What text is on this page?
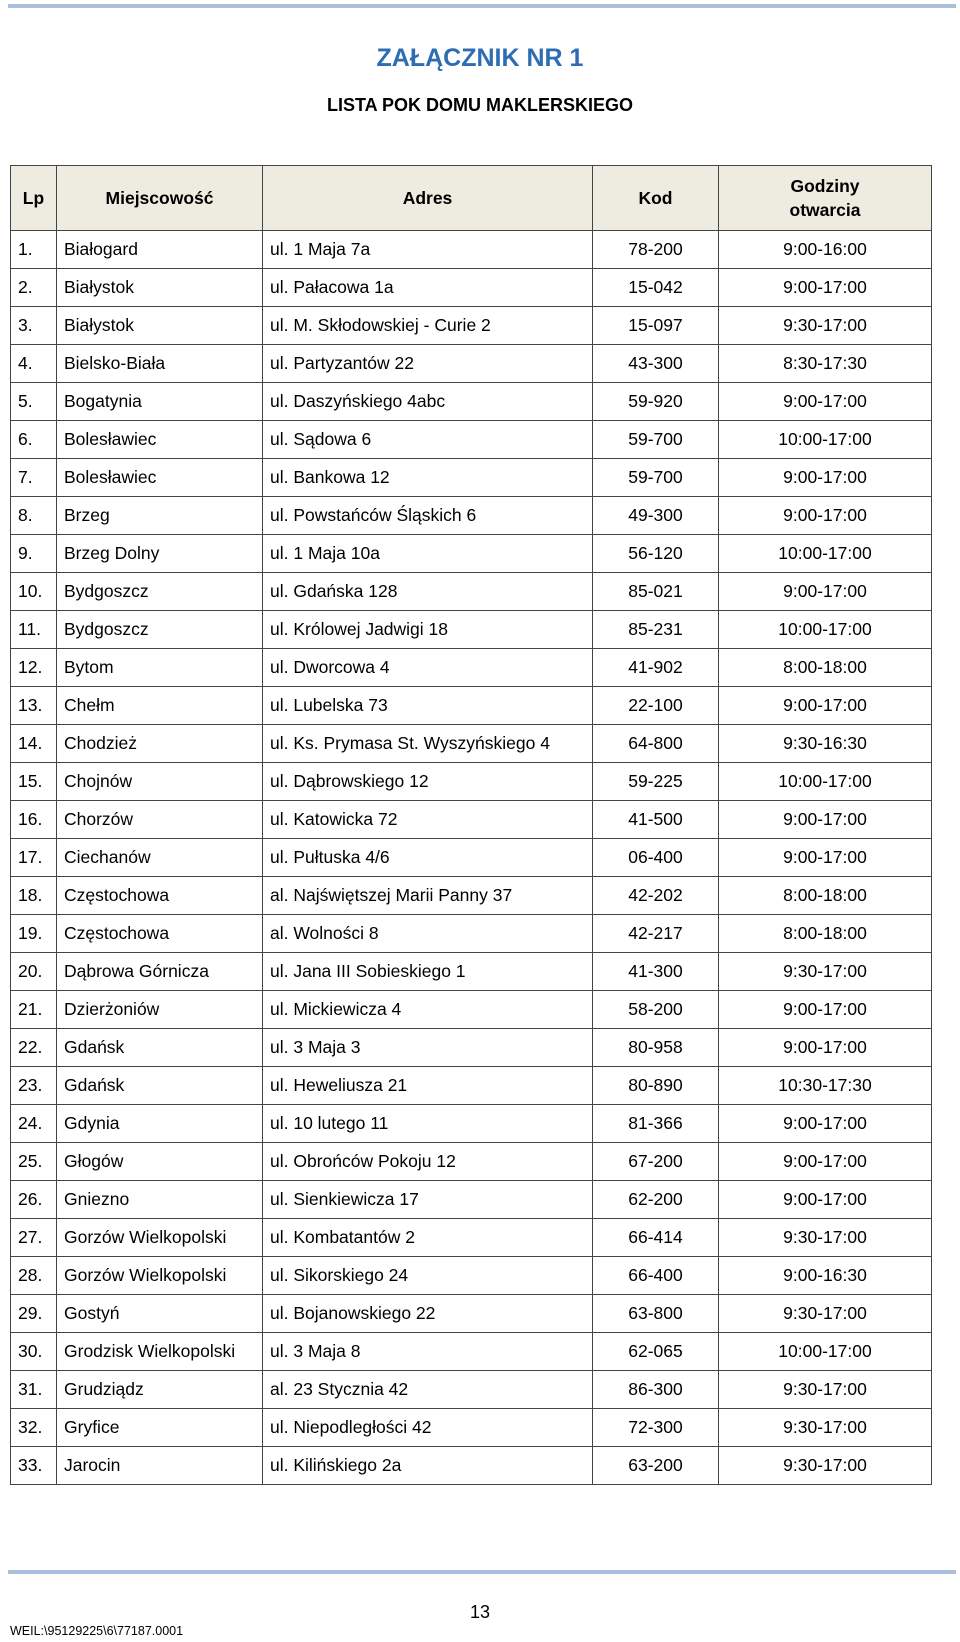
ZAŁĄCZNIK NR 1
LISTA POK DOMU MAKLERSKIEGO
Lp	Miejscowość	Adres	Kod	Godziny
otwarcia
1.	Białogard	ul. 1 Maja 7a	78-200	9:00-16:00
2.	Białystok	ul. Pałacowa 1a	15-042	9:00-17:00
3.	Białystok	ul. M. Skłodowskiej - Curie 2	15-097	9:30-17:00
4.	Bielsko-Biała	ul. Partyzantów 22	43-300	8:30-17:30
5.	Bogatynia	ul. Daszyńskiego 4abc	59-920	9:00-17:00
6.	Bolesławiec	ul. Sądowa 6	59-700	10:00-17:00
7.	Bolesławiec	ul. Bankowa 12	59-700	9:00-17:00
8.	Brzeg	ul. Powstańców Śląskich 6	49-300	9:00-17:00
9.	Brzeg Dolny	ul. 1 Maja 10a	56-120	10:00-17:00
10.	Bydgoszcz	ul. Gdańska 128	85-021	9:00-17:00
11.	Bydgoszcz	ul. Królowej Jadwigi 18	85-231	10:00-17:00
12.	Bytom	ul. Dworcowa 4	41-902	8:00-18:00
13.	Chełm	ul. Lubelska 73	22-100	9:00-17:00
14.	Chodzież	ul. Ks. Prymasa St. Wyszyńskiego 4	64-800	9:30-16:30
15.	Chojnów	ul. Dąbrowskiego 12	59-225	10:00-17:00
16.	Chorzów	ul. Katowicka 72	41-500	9:00-17:00
17.	Ciechanów	ul. Pułtuska 4/6	06-400	9:00-17:00
18.	Częstochowa	al. Najświętszej Marii Panny 37	42-202	8:00-18:00
19.	Częstochowa	al. Wolności 8	42-217	8:00-18:00
20.	Dąbrowa Górnicza	ul. Jana III Sobieskiego 1	41-300	9:30-17:00
21.	Dzierżoniów	ul. Mickiewicza 4	58-200	9:00-17:00
22.	Gdańsk	ul. 3 Maja 3	80-958	9:00-17:00
23.	Gdańsk	ul. Heweliusza 21	80-890	10:30-17:30
24.	Gdynia	ul. 10 lutego 11	81-366	9:00-17:00
25.	Głogów	ul. Obrońców Pokoju 12	67-200	9:00-17:00
26.	Gniezno	ul. Sienkiewicza 17	62-200	9:00-17:00
27.	Gorzów Wielkopolski	ul. Kombatantów 2	66-414	9:30-17:00
28.	Gorzów Wielkopolski	ul. Sikorskiego 24	66-400	9:00-16:30
29.	Gostyń	ul. Bojanowskiego 22	63-800	9:30-17:00
30.	Grodzisk Wielkopolski	ul. 3 Maja 8	62-065	10:00-17:00
31.	Grudziądz	al. 23 Stycznia 42	86-300	9:30-17:00
32.	Gryfice	ul. Niepodległości 42	72-300	9:30-17:00
33.	Jarocin	ul. Kilińskiego 2a	63-200	9:30-17:00
13
WEIL:\95129225\6\77187.0001
